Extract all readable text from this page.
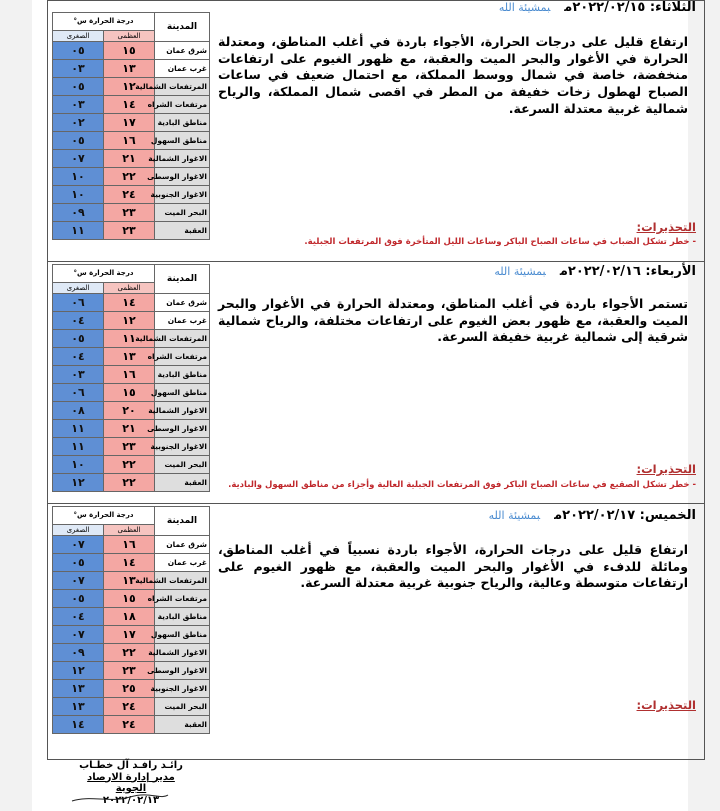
المدينة	درجة الحرارة س°	
	العظمى	الصغرى
شرق عمان	۱٥	۰٥
غرب عمان	۱۳	۰۳
المرتفعات الشمالية	۱۲	۰٥
مرتفعات الشراه	۱٤	۰۳
مناطق البادية	۱۷	۰۲
مناطق السهول	۱٦	۰٥
الاغوار الشمالية	۲۱	۰۷
الاغوار الوسطى	۲۲	۱۰
الاغوار الجنوبية	۲٤	۱۰
البحر الميت	۲۳	۰۹
العقبة	۲۳	۱۱
الثلاثاء: ۲۰۲۲/۰۲/۱٥مبمشيئة الله
ارتفاع قليل على درجات الحرارة، الأجواء باردة في أغلب المناطق، ومعتدلة الحرارة في الأغوار والبحر الميت والعقبة، مع ظهور الغيوم على ارتفاعات منخفضة، خاصة في شمال ووسط المملكة، مع احتمال ضعيف في ساعات الصباح لهطول زخات خفيفة من المطر في اقصى شمال المملكة، والرياح شمالية غربية معتدلة السرعة.
التحذيرات:
- خطر تشكل الضباب في ساعات الصباح الباكر وساعات الليل المتأخرة فوق المرتفعات الجبلية.
المدينة	درجة الحرارة س°	
	العظمى	الصغرى
شرق عمان	۱٤	۰٦
غرب عمان	۱۲	۰٤
المرتفعات الشمالية	۱۱	۰٥
مرتفعات الشراه	۱۳	۰٤
مناطق البادية	۱٦	۰۳
مناطق السهول	۱٥	۰٦
الاغوار الشمالية	۲۰	۰۸
الاغوار الوسطى	۲۱	۱۱
الاغوار الجنوبية	۲۳	۱۱
البحر الميت	۲۲	۱۰
العقبة	۲۲	۱۲
الأربعاء: ۲۰۲۲/۰۲/۱٦مبمشيئة الله
تستمر الأجواء باردة في أغلب المناطق، ومعتدلة الحرارة في الأغوار والبحر الميت والعقبة، مع ظهور بعض الغيوم على ارتفاعات مختلفة، والرياح شمالية شرقية إلى شمالية غربية خفيفة السرعة.
التحذيرات:
- خطر تشكل الصقيع في ساعات الصباح الباكر فوق المرتفعات الجبلية العالية وأجزاء من مناطق السهول والبادية.
المدينة	درجة الحرارة س°	
	العظمى	الصغرى
شرق عمان	۱٦	۰۷
غرب عمان	۱٤	۰٥
المرتفعات الشمالية	۱۳	۰۷
مرتفعات الشراه	۱٥	۰٥
مناطق البادية	۱۸	۰٤
مناطق السهول	۱۷	۰۷
الاغوار الشمالية	۲۲	۰۹
الاغوار الوسطى	۲۳	۱۲
الاغوار الجنوبية	۲٥	۱۳
البحر الميت	۲٤	۱۳
العقبة	۲٤	۱٤
الخميس: ۲۰۲۲/۰۲/۱۷مبمشيئة الله
ارتفاع قليل على درجات الحرارة، الأجواء باردة نسبياً في أغلب المناطق، ومائلة للدفء في الأغوار والبحر الميت والعقبة، مع ظهور الغيوم على ارتفاعات متوسطة وعالية، والرياح جنوبية غربية معتدلة السرعة.
التحذيرات:
رائـد رافـد آل خطـاب
مدير إدارة الارصاد الجوية
۲۰۲۲/۰۲/۱۳
